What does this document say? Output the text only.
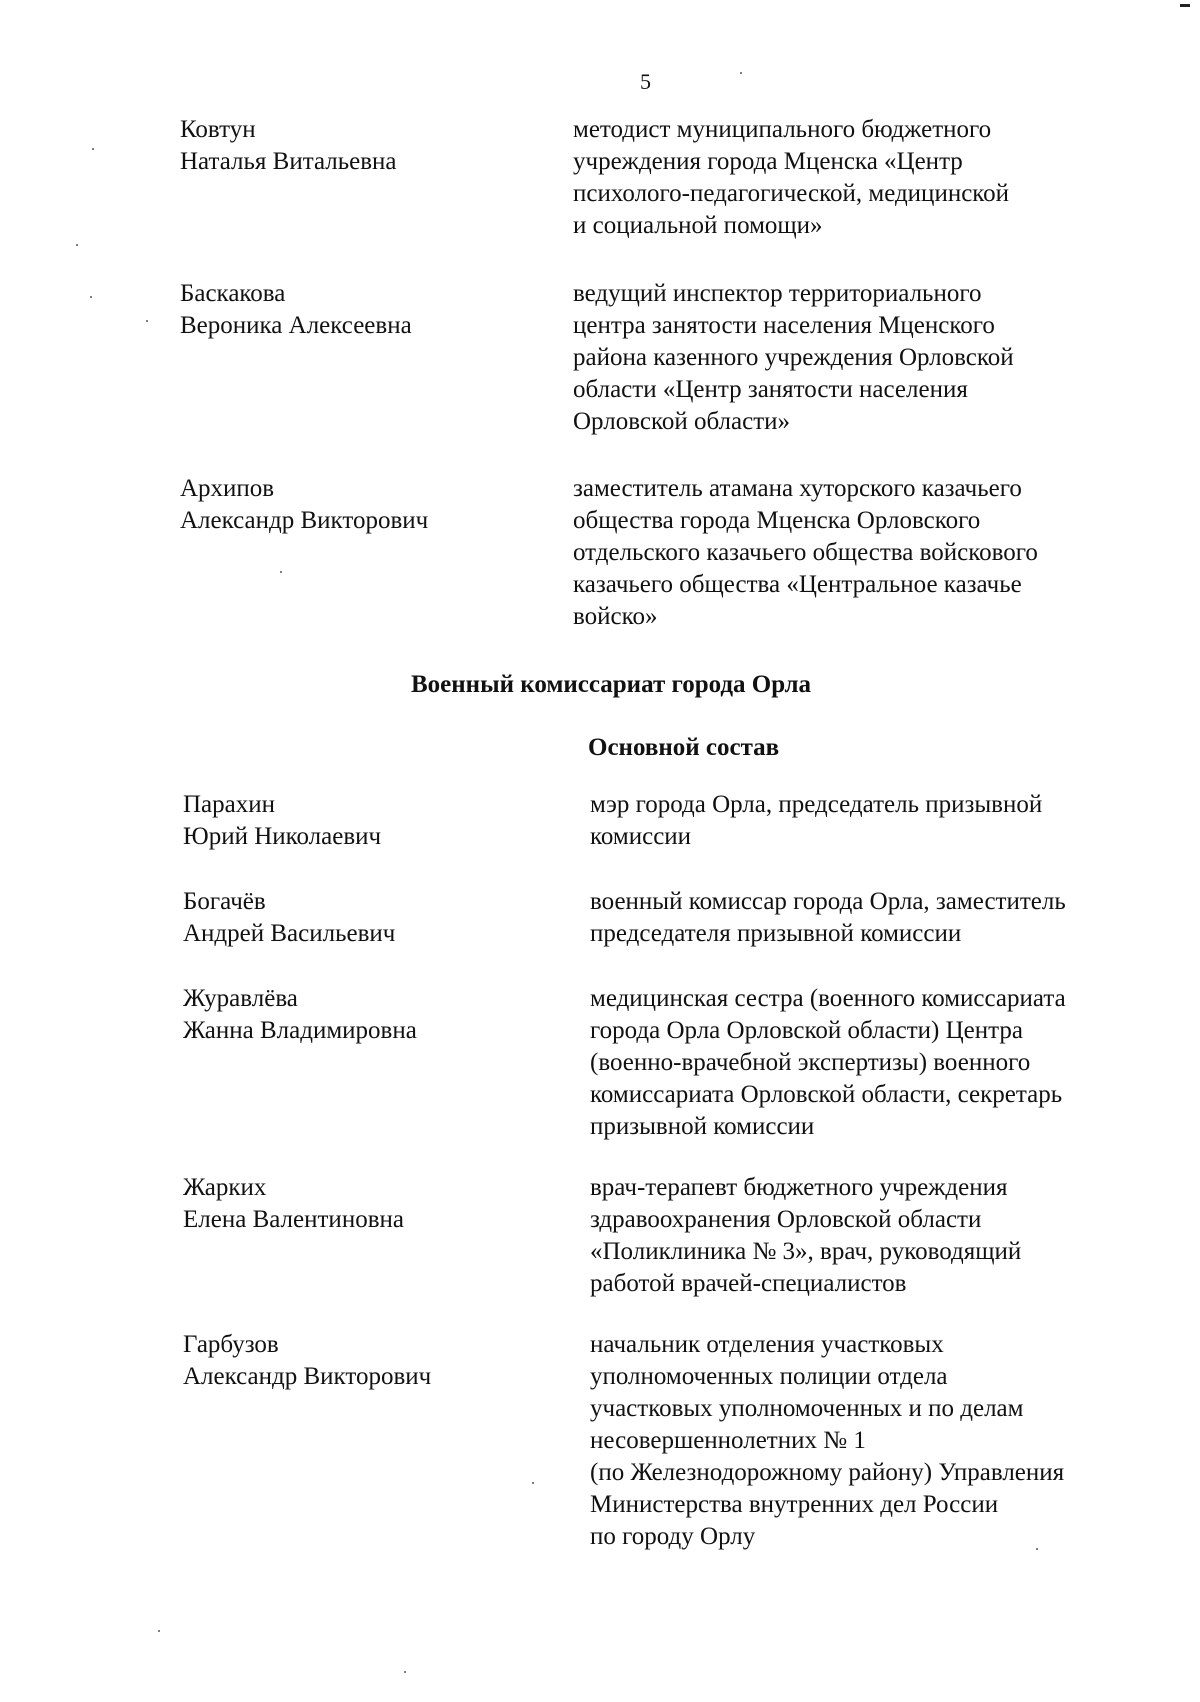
5
Ковтун
Наталья Витальевна
методист муниципального бюджетного
учреждения города Мценска «Центр
психолого-педагогической, медицинской
и социальной помощи»
Баскакова
Вероника Алексеевна
ведущий инспектор территориального
центра занятости населения Мценского
района казенного учреждения Орловской
области «Центр занятости населения
Орловской области»
Архипов
Александр Викторович
заместитель атамана хуторского казачьего
общества города Мценска Орловского
отдельского казачьего общества войскового
казачьего общества «Центральное казачье
войско»
Военный комиссариат города Орла
Основной состав
Парахин
Юрий Николаевич
мэр города Орла, председатель призывной
комиссии
Богачёв
Андрей Васильевич
военный комиссар города Орла, заместитель
председателя призывной комиссии
Журавлёва
Жанна Владимировна
медицинская сестра (военного комиссариата
города Орла Орловской области) Центра
(военно-врачебной экспертизы) военного
комиссариата Орловской области, секретарь
призывной комиссии
Жарких
Елена Валентиновна
врач-терапевт бюджетного учреждения
здравоохранения Орловской области
«Поликлиника № 3», врач, руководящий
работой врачей-специалистов
Гарбузов
Александр Викторович
начальник отделения участковых
уполномоченных полиции отдела
участковых уполномоченных и по делам
несовершеннолетних № 1
(по Железнодорожному району) Управления
Министерства внутренних дел России
по городу Орлу
